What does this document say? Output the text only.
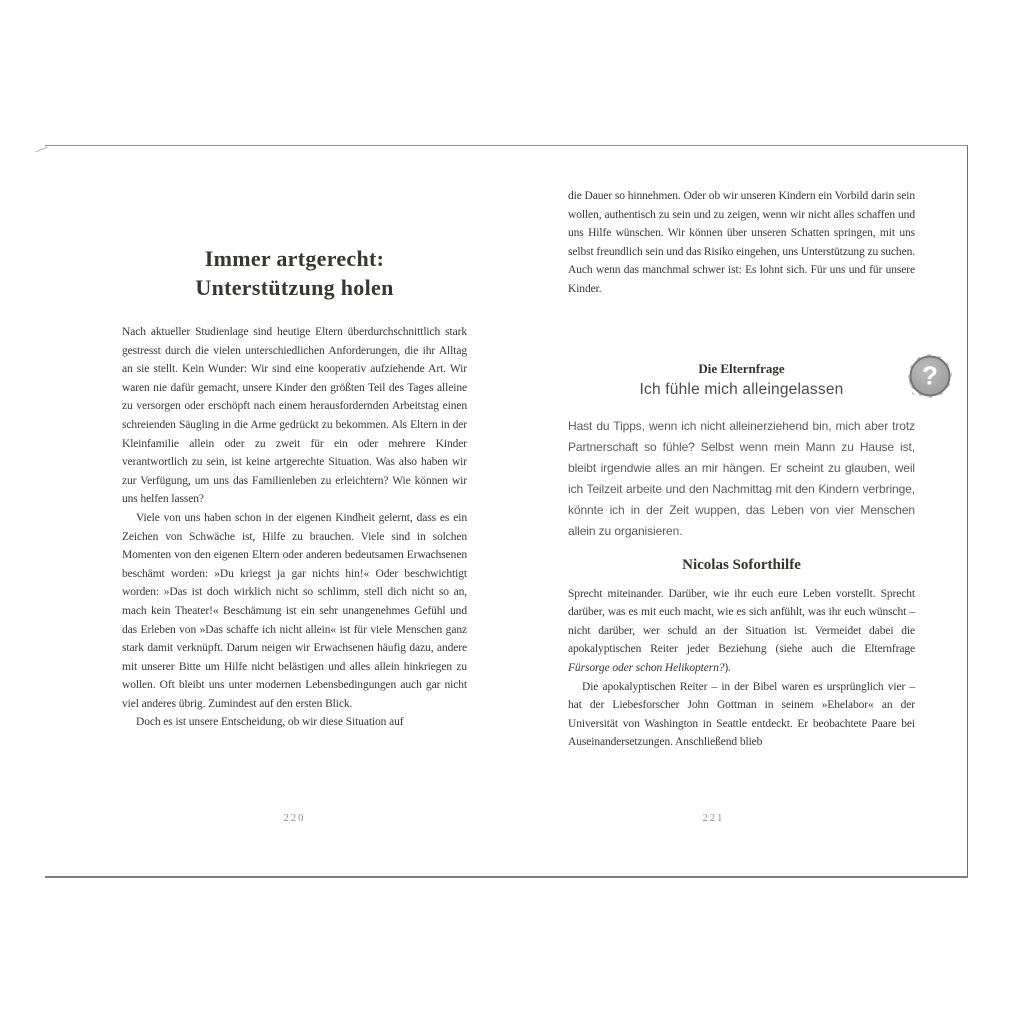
Immer artgerecht:
Unterstützung holen

Nach aktueller Studienlage sind heutige Eltern überdurchschnittlich stark gestresst durch die vielen unterschiedlichen Anforderungen, die ihr Alltag an sie stellt. Kein Wunder: Wir sind eine kooperativ aufziehende Art. Wir waren nie dafür gemacht, unsere Kinder den größten Teil des Tages alleine zu versorgen oder erschöpft nach einem herausfordernden Arbeitstag einen schreienden Säugling in die Arme gedrückt zu bekommen. Als Eltern in der Kleinfamilie allein oder zu zweit für ein oder mehrere Kinder verantwortlich zu sein, ist keine artgerechte Situation. Was also haben wir zur Verfügung, um uns das Familienleben zu erleichtern? Wie können wir uns helfen lassen?

Viele von uns haben schon in der eigenen Kindheit gelernt, dass es ein Zeichen von Schwäche ist, Hilfe zu brauchen. Viele sind in solchen Momenten von den eigenen Eltern oder anderen bedeutsamen Erwachsenen beschämt worden: »Du kriegst ja gar nichts hin!« Oder beschwichtigt worden: »Das ist doch wirklich nicht so schlimm, stell dich nicht so an, mach kein Theater!« Beschämung ist ein sehr unangenehmes Gefühl und das Erleben von »Das schaffe ich nicht allein« ist für viele Menschen ganz stark damit verknüpft. Darum neigen wir Erwachsenen häufig dazu, andere mit unserer Bitte um Hilfe nicht belästigen und alles allein hinkriegen zu wollen. Oft bleibt uns unter modernen Lebensbedingungen auch gar nicht viel anderes übrig. Zumindest auf den ersten Blick.

Doch es ist unsere Entscheidung, ob wir diese Situation auf

220

die Dauer so hinnehmen. Oder ob wir unseren Kindern ein Vorbild darin sein wollen, authentisch zu sein und zu zeigen, wenn wir nicht alles schaffen und uns Hilfe wünschen. Wir können über unseren Schatten springen, mit uns selbst freundlich sein und das Risiko eingehen, uns Unterstützung zu suchen. Auch wenn das manchmal schwer ist: Es lohnt sich. Für uns und für unsere Kinder.

Die Elternfrage
Ich fühle mich alleingelassen	?

Hast du Tipps, wenn ich nicht alleinerziehend bin, mich aber trotz Partnerschaft so fühle? Selbst wenn mein Mann zu Hause ist, bleibt irgendwie alles an mir hängen. Er scheint zu glauben, weil ich Teilzeit arbeite und den Nachmittag mit den Kindern verbringe, könnte ich in der Zeit wuppen, das Leben von vier Menschen allein zu organisieren.

Nicolas Soforthilfe

Sprecht miteinander. Darüber, wie ihr euch eure Leben vorstellt. Sprecht darüber, was es mit euch macht, wie es sich anfühlt, was ihr euch wünscht – nicht darüber, wer schuld an der Situation ist. Vermeidet dabei die apokalyptischen Reiter jeder Beziehung (siehe auch die Elternfrage Fürsorge oder schon Helikoptern?).

Die apokalyptischen Reiter – in der Bibel waren es ursprünglich vier – hat der Liebesforscher John Gottman in seinem »Ehelabor« an der Universität von Washington in Seattle entdeckt. Er beobachtete Paare bei Auseinandersetzungen. Anschließend blieb

221
